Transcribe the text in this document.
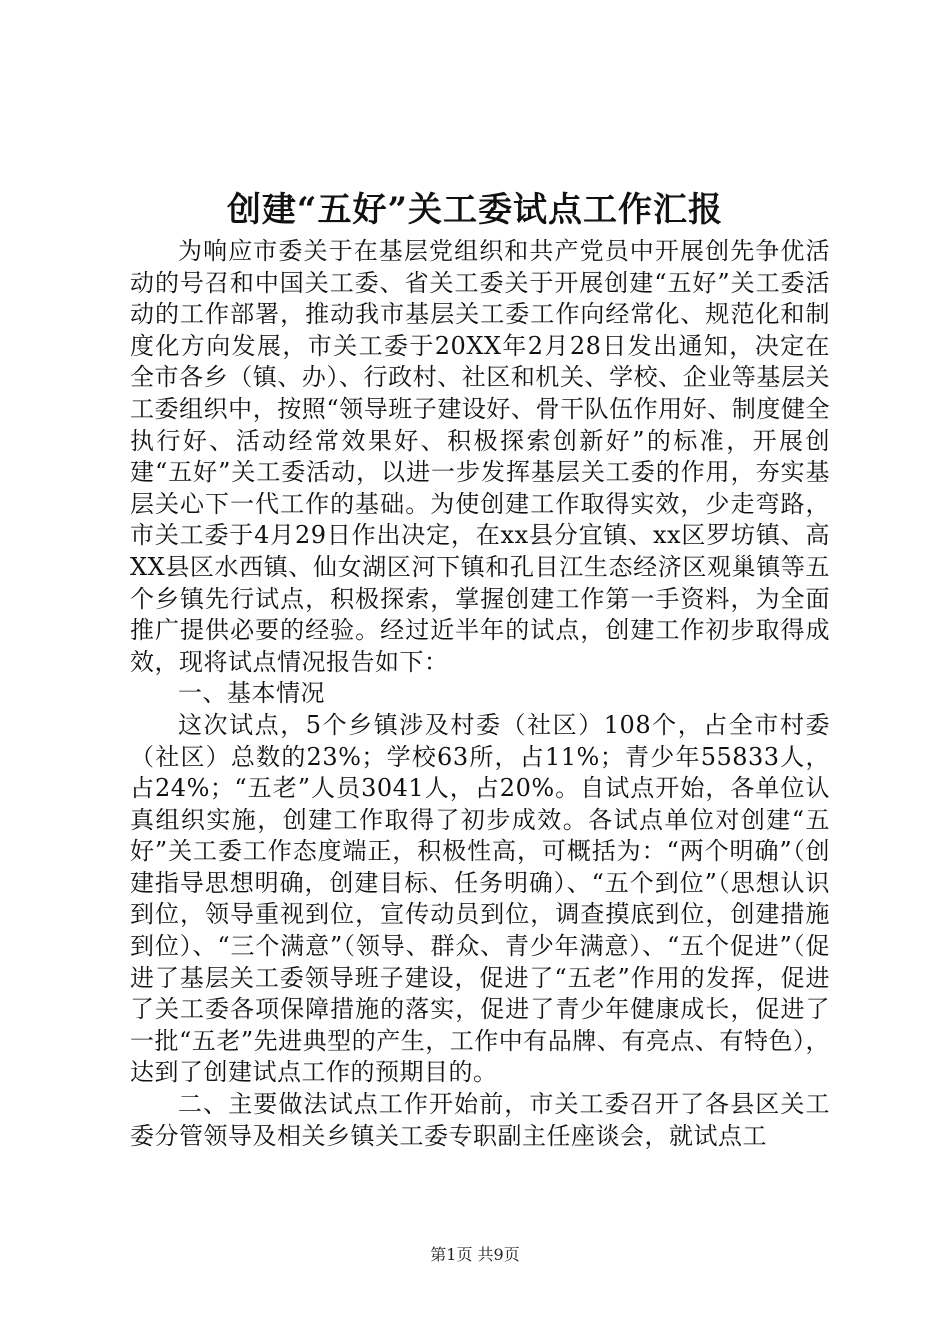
创建“五好”关工委试点工作汇报

为响应市委关于在基层党组织和共产党员中开展创先争优活动的号召和中国关工委、省关工委关于开展创建“五好”关工委活动的工作部署，推动我市基层关工委工作向经常化、规范化和制度化方向发展，市关工委于20XX年2月28日发出通知，决定在全市各乡（镇、办）、行政村、社区和机关、学校、企业等基层关工委组织中，按照“领导班子建设好、骨干队伍作用好、制度健全执行好、活动经常效果好、积极探索创新好”的标准，开展创建“五好”关工委活动，以进一步发挥基层关工委的作用，夯实基层关心下一代工作的基础。为使创建工作取得实效，少走弯路，市关工委于4月29日作出决定，在xx县分宜镇、xx区罗坊镇、高XX县区水西镇、仙女湖区河下镇和孔目江生态经济区观巢镇等五个乡镇先行试点，积极探索，掌握创建工作第一手资料，为全面推广提供必要的经验。经过近半年的试点，创建工作初步取得成效，现将试点情况报告如下：

一、基本情况

这次试点，5个乡镇涉及村委（社区）108个，占全市村委（社区）总数的23%；学校63所，占11%；青少年55833人，占24%；“五老”人员3041人，占20%。自试点开始，各单位认真组织实施，创建工作取得了初步成效。各试点单位对创建“五好”关工委工作态度端正，积极性高，可概括为：“两个明确”（创建指导思想明确，创建目标、任务明确）、“五个到位”（思想认识到位，领导重视到位，宣传动员到位，调查摸底到位，创建措施到位）、“三个满意”（领导、群众、青少年满意）、“五个促进”（促进了基层关工委领导班子建设，促进了“五老”作用的发挥，促进了关工委各项保障措施的落实，促进了青少年健康成长，促进了一批“五老”先进典型的产生，工作中有品牌、有亮点、有特色），达到了创建试点工作的预期目的。

二、主要做法试点工作开始前，市关工委召开了各县区关工委分管领导及相关乡镇关工委专职副主任座谈会，就试点工

第1页 共9页
